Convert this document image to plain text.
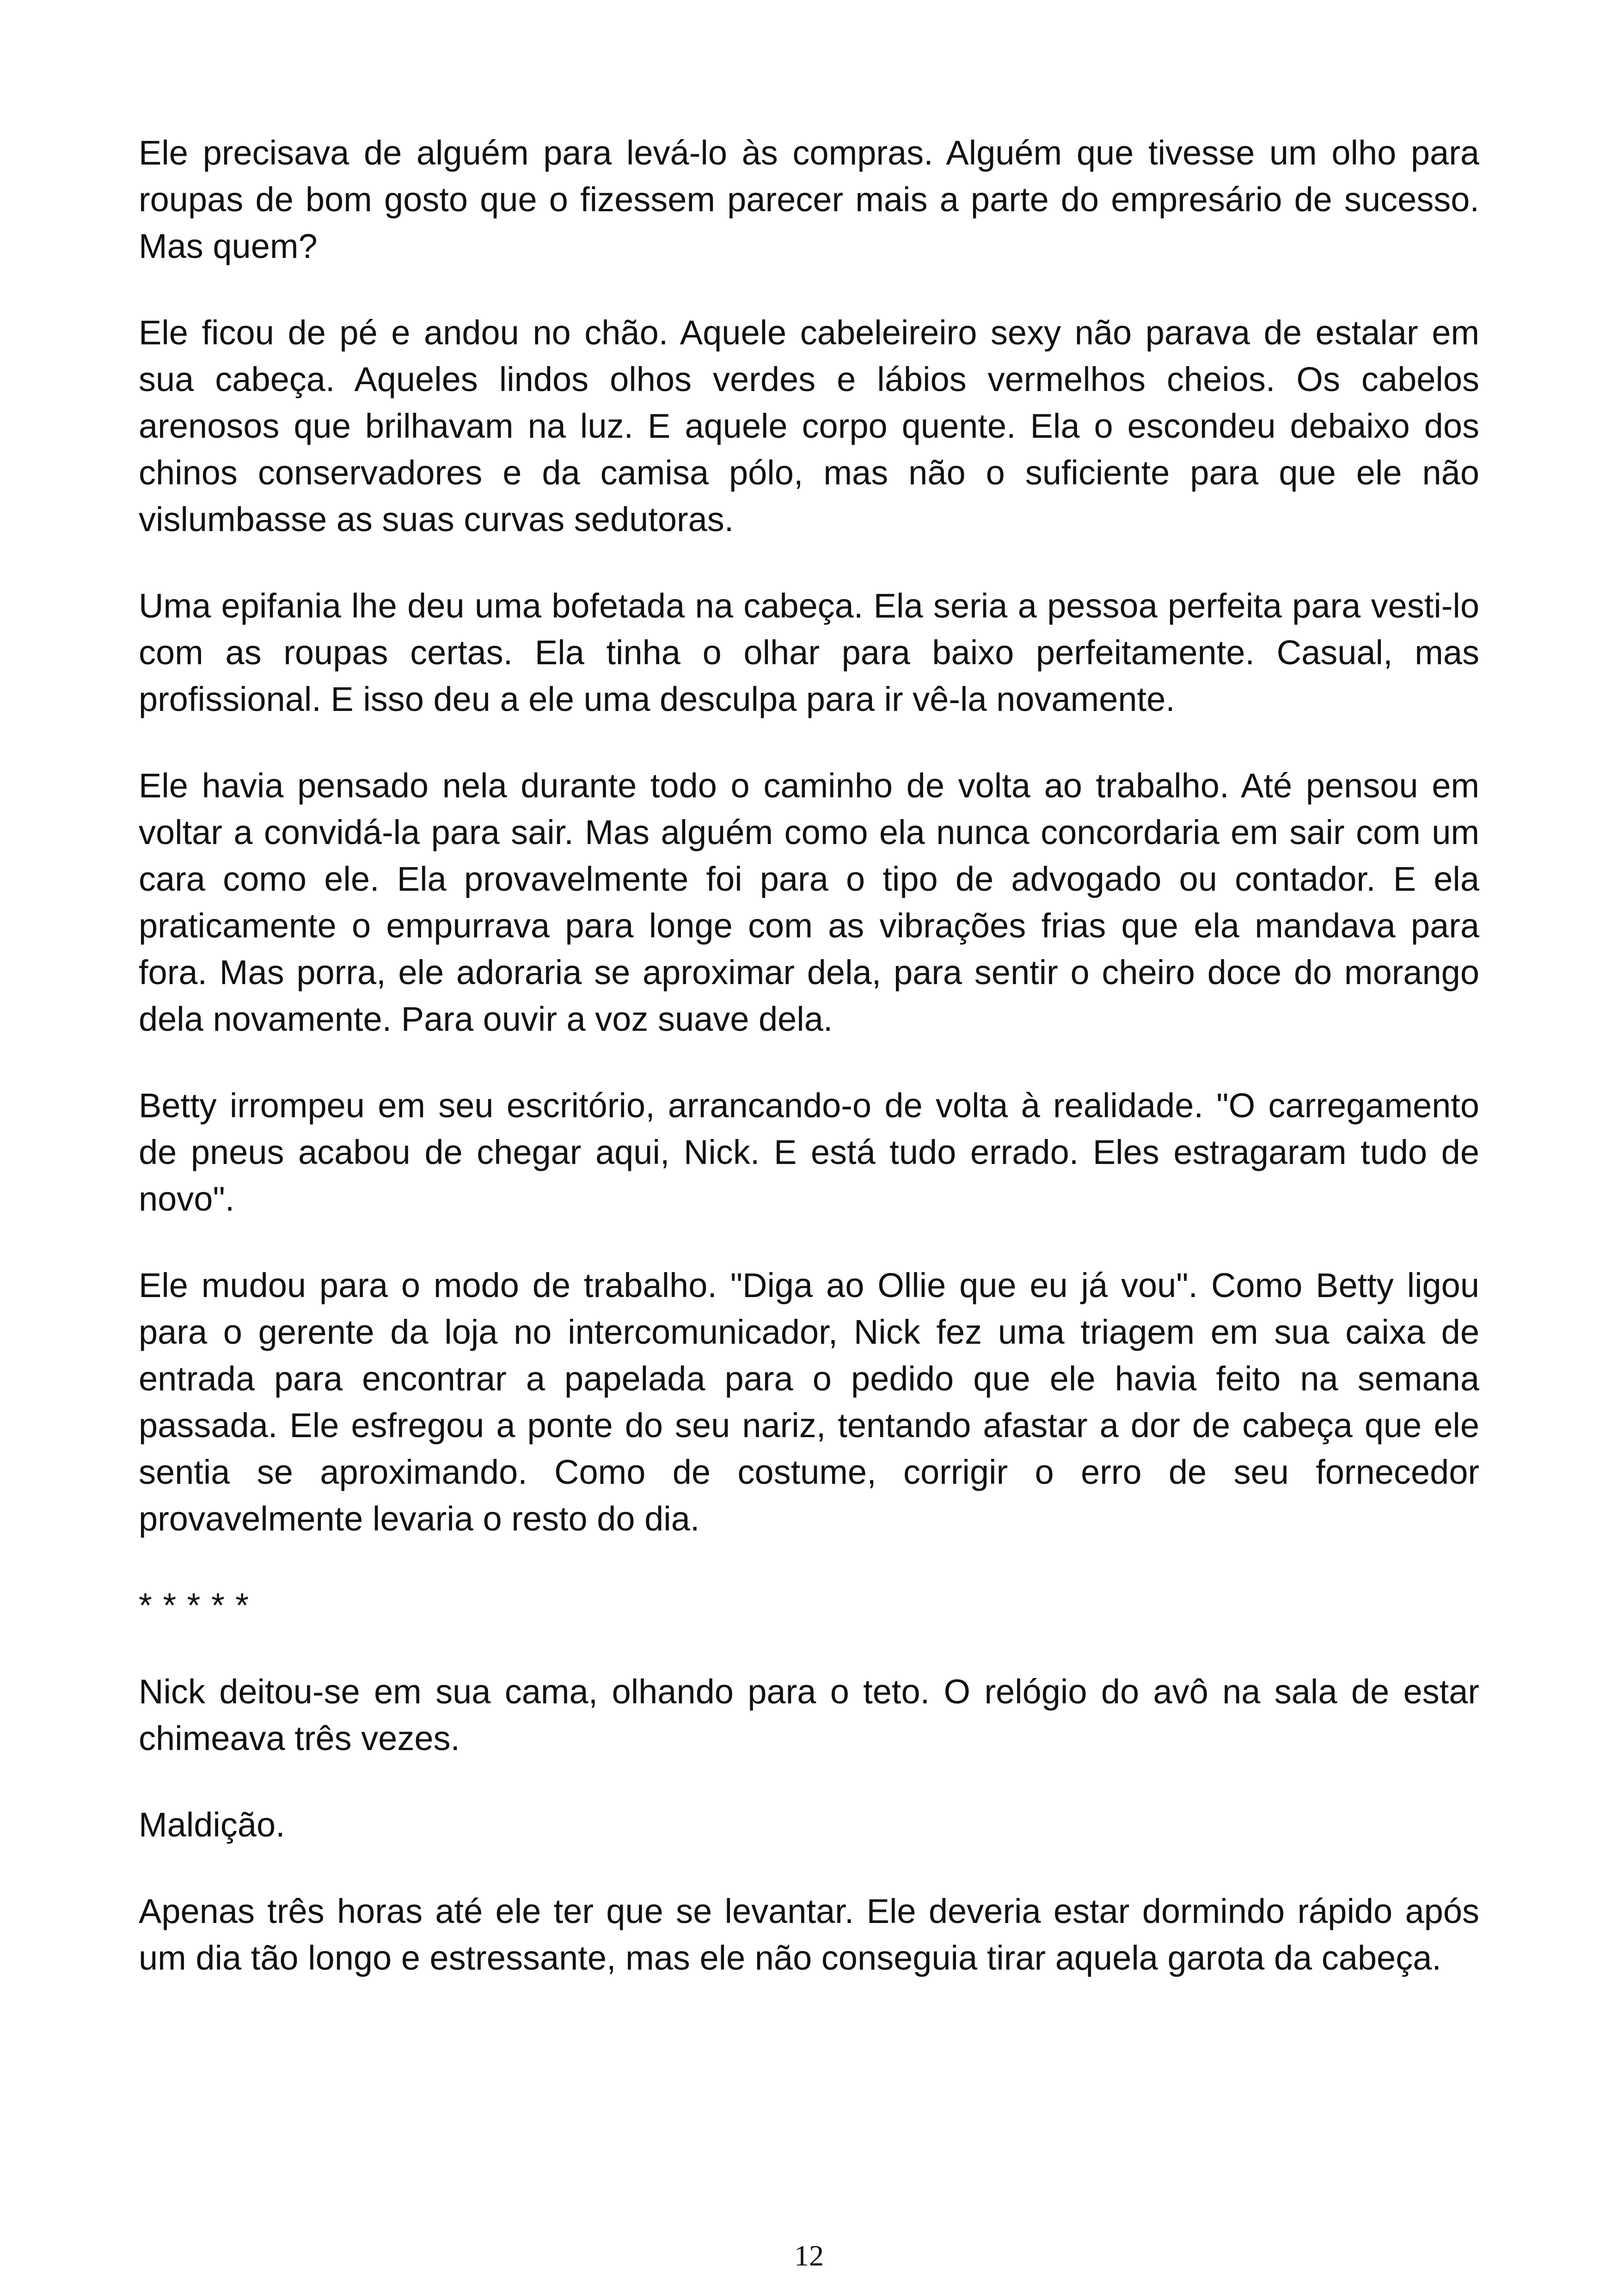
Ele precisava de alguém para levá-lo às compras. Alguém que tivesse um olho para roupas de bom gosto que o fizessem parecer mais a parte do empresário de sucesso. Mas quem?

Ele ficou de pé e andou no chão. Aquele cabeleireiro sexy não parava de estalar em sua cabeça. Aqueles lindos olhos verdes e lábios vermelhos cheios. Os cabelos arenosos que brilhavam na luz. E aquele corpo quente. Ela o escondeu debaixo dos chinos conservadores e da camisa pólo, mas não o suficiente para que ele não vislumbasse as suas curvas sedutoras.

Uma epifania lhe deu uma bofetada na cabeça. Ela seria a pessoa perfeita para vesti-lo com as roupas certas. Ela tinha o olhar para baixo perfeitamente. Casual, mas profissional. E isso deu a ele uma desculpa para ir vê-la novamente.

Ele havia pensado nela durante todo o caminho de volta ao trabalho. Até pensou em voltar a convidá-la para sair. Mas alguém como ela nunca concordaria em sair com um cara como ele. Ela provavelmente foi para o tipo de advogado ou contador. E ela praticamente o empurrava para longe com as vibrações frias que ela mandava para fora. Mas porra, ele adoraria se aproximar dela, para sentir o cheiro doce do morango dela novamente. Para ouvir a voz suave dela.

Betty irrompeu em seu escritório, arrancando-o de volta à realidade. "O carregamento de pneus acabou de chegar aqui, Nick. E está tudo errado. Eles estragaram tudo de novo".

Ele mudou para o modo de trabalho. "Diga ao Ollie que eu já vou". Como Betty ligou para o gerente da loja no intercomunicador, Nick fez uma triagem em sua caixa de entrada para encontrar a papelada para o pedido que ele havia feito na semana passada. Ele esfregou a ponte do seu nariz, tentando afastar a dor de cabeça que ele sentia se aproximando. Como de costume, corrigir o erro de seu fornecedor provavelmente levaria o resto do dia.

* * * * *

Nick deitou-se em sua cama, olhando para o teto. O relógio do avô na sala de estar chimeava três vezes.

Maldição.

Apenas três horas até ele ter que se levantar. Ele deveria estar dormindo rápido após um dia tão longo e estressante, mas ele não conseguia tirar aquela garota da cabeça.

12
